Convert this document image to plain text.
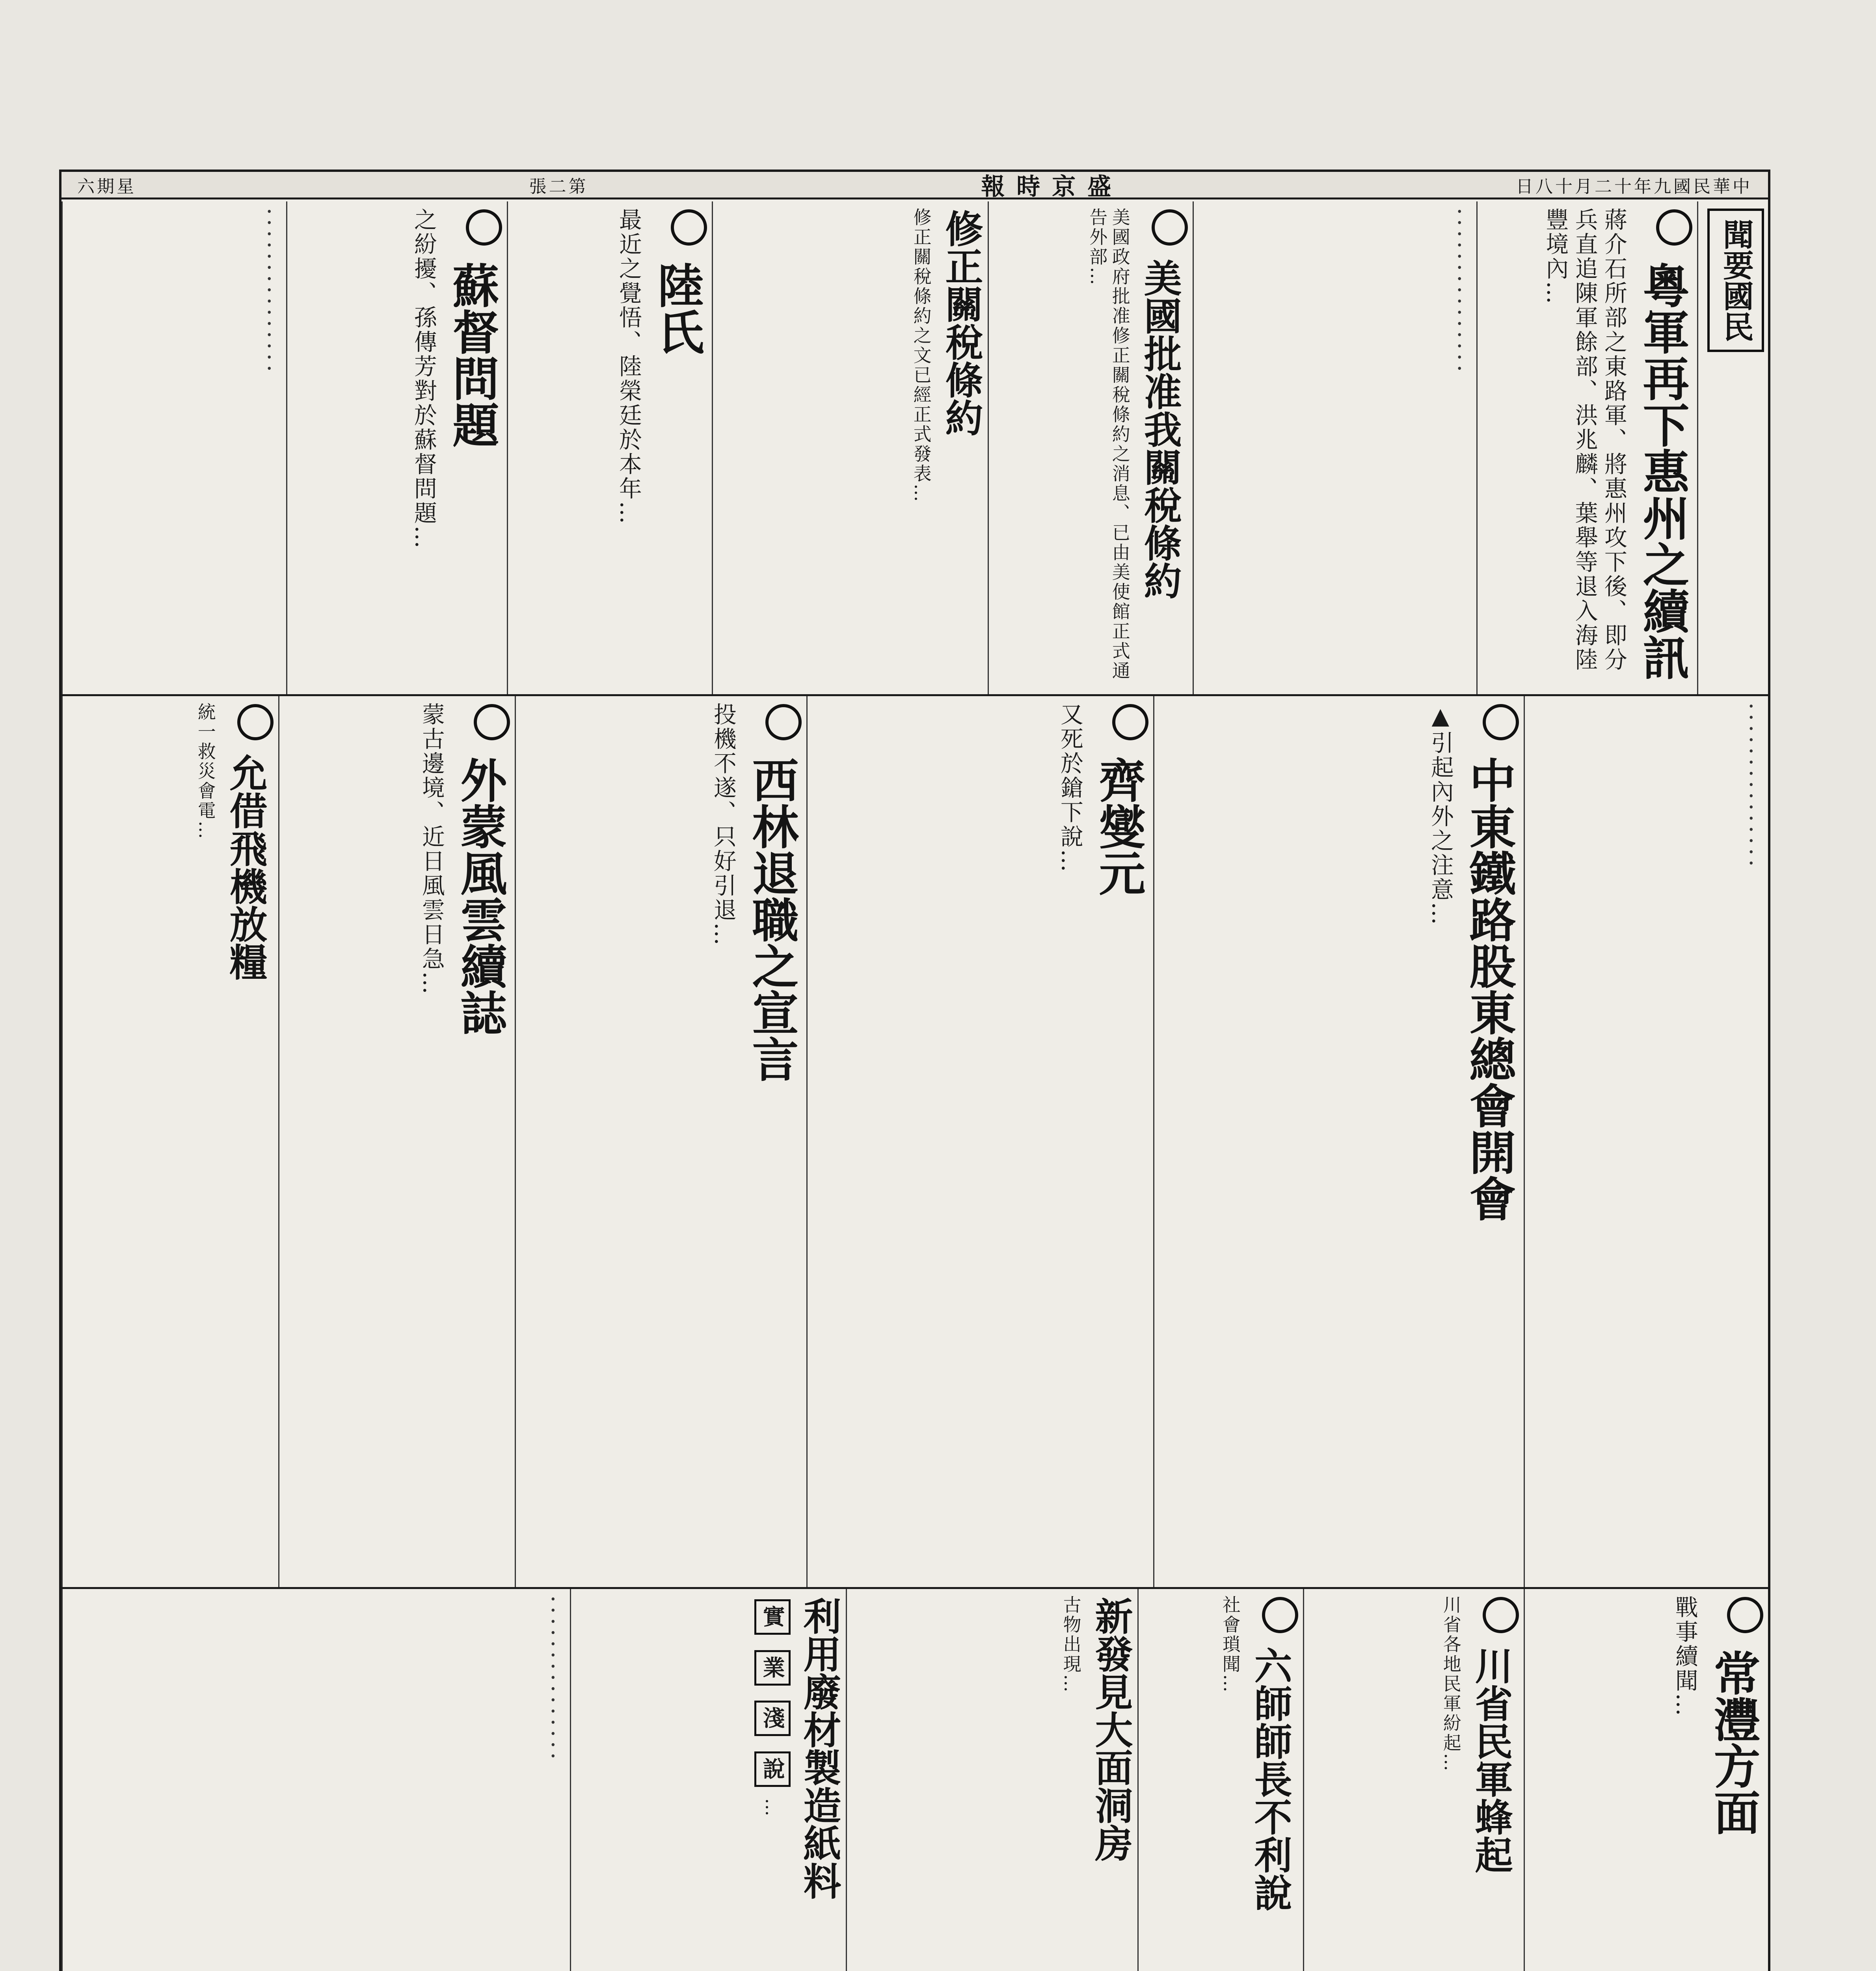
六期星	張二第	報時京盛	日八十月二十年九國民華中
聞要國民
粵軍再下惠州之續訊
蔣介石所部之東路軍、將惠州攻下後、即分兵直追陳軍餘部、洪兆麟、葉舉等退入海陸豐境內…
···············
美國批准我關稅條約
美國政府批准修正關稅條約之消息、已由美使館正式通告外部…
修正關稅條約
修正關稅條約之文已經正式發表…
陸氏
最近之覺悟、陸榮廷於本年…
蘇督問題
之紛擾、孫傳芳對於蘇督問題…
···············
···············
中東鐵路股東總會開會
▲引起內外之注意…
齊燮元
又死於鎗下說…
西林退職之宣言
投機不遂、只好引退…
外蒙風雲續誌
蒙古邊境、近日風雲日急…
允借飛機放糧
統一救災會電…
常灃方面
戰事續聞…
川省民軍蜂起
川省各地民軍紛起…
六師師長不利說
社會瑣聞…
新發見大面洞房
古物出現…
利用廢材製造紙料
實 業 淺 說 …
···············
